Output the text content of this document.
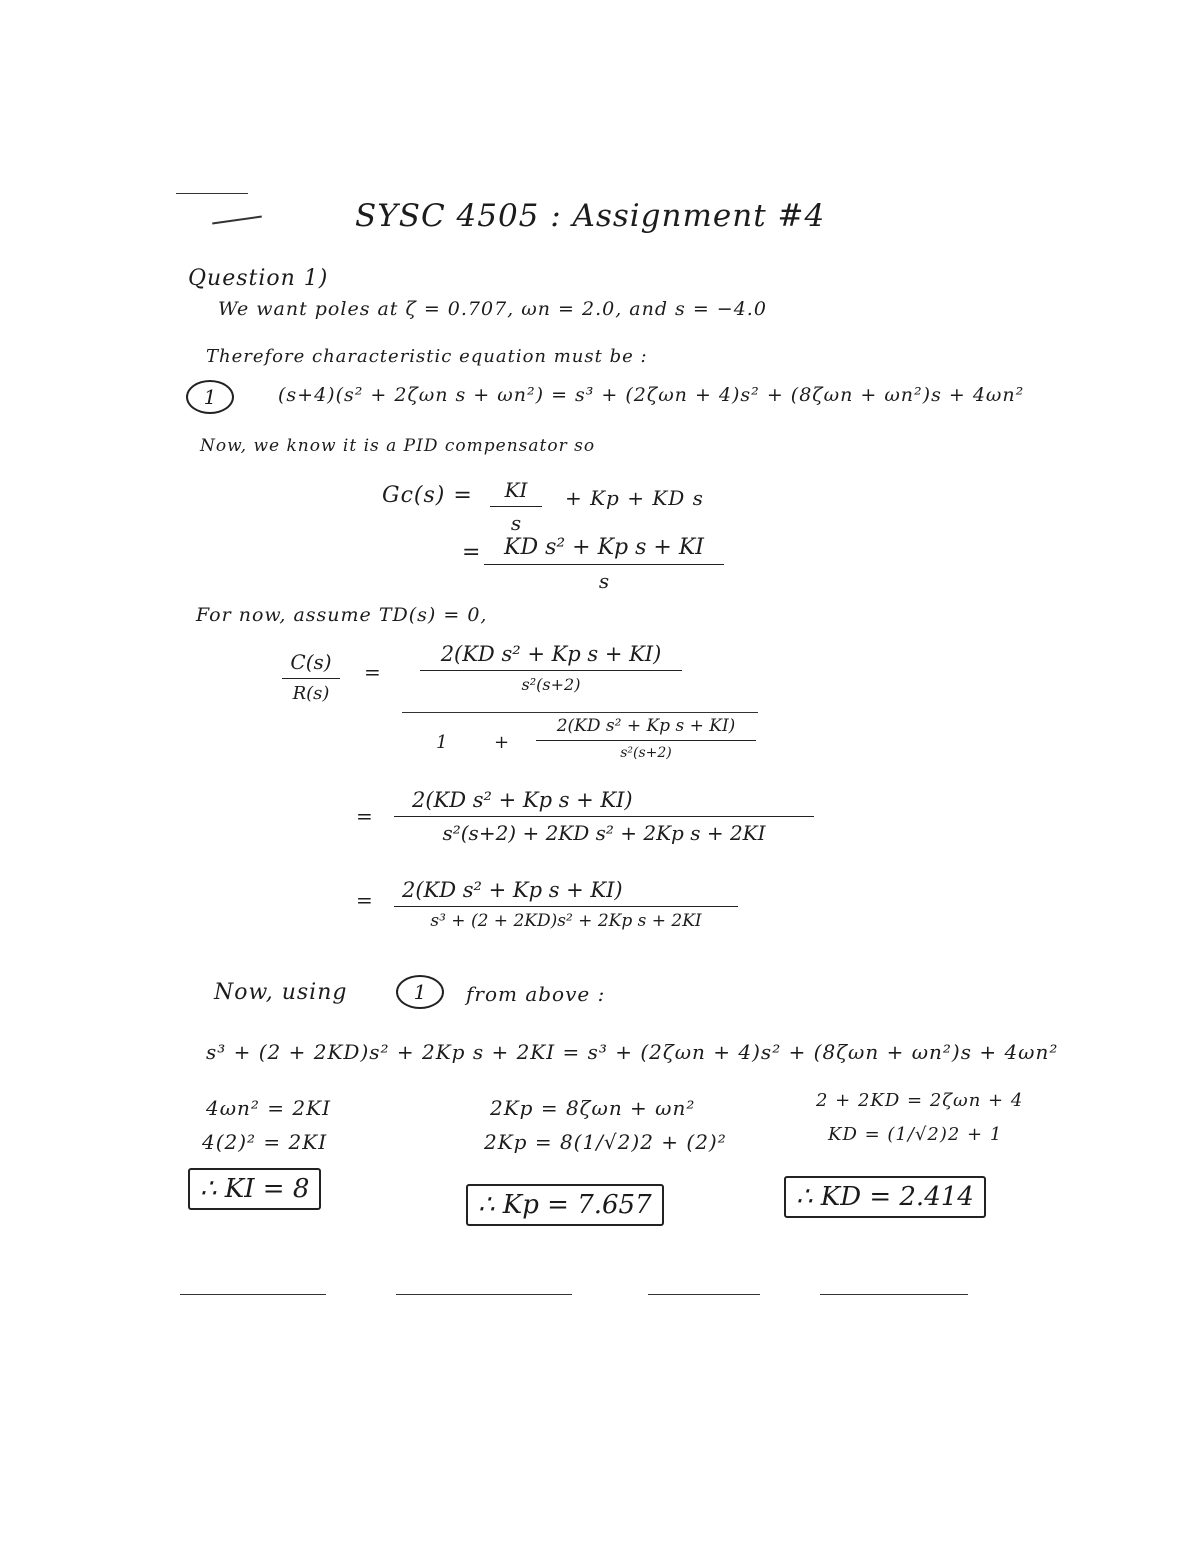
SYSC 4505 : Assignment #4
Question 1)
We want poles at ζ = 0.707, ωn = 2.0, and s = −4.0
Therefore characteristic equation must be :
1	(s+4)(s² + 2ζωn s + ωn²) = s³ + (2ζωn + 4)s² + (8ζωn + ωn²)s + 4ωn²
Now, we know it is a PID compensator so
Gc(s) =	KI
s
+ Kp + KD s
=	KD s² + Kp s + KI
s
For now, assume TD(s) = 0,
C(s)
R(s)
=
2(KD s² + Kp s + KI)
s²(s+2)
1	+
2(KD s² + Kp s + KI)
s²(s+2)
=
2(KD s² + Kp s + KI)
s²(s+2) + 2KD s² + 2Kp s + 2KI
=	2(KD s² + Kp s + KI)
s³ + (2 + 2KD)s² + 2Kp s + 2KI
Now, using	1	from above :
s³ + (2 + 2KD)s² + 2Kp s + 2KI = s³ + (2ζωn + 4)s² + (8ζωn + ωn²)s + 4ωn²
4ωn² = 2KI
4(2)² = 2KI
∴ KI = 8
2Kp = 8ζωn + ωn²
2Kp = 8(1/√2)2 + (2)²
∴ Kp = 7.657
2 + 2KD = 2ζωn + 4
KD = (1/√2)2 + 1
∴ KD = 2.414
